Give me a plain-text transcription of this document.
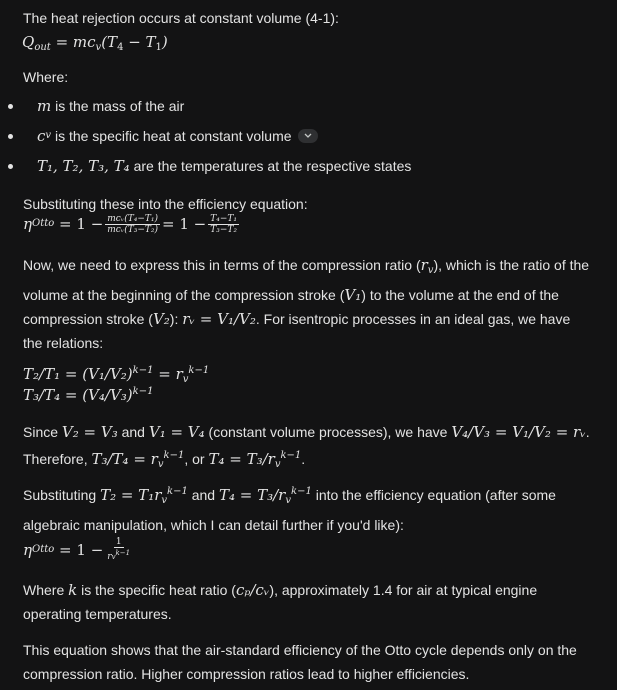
The heat rejection occurs at constant volume (4-1):

$Q_{out} = mc_v(T_4 - T_1)$

Where:

m
is the mass of the air
c v
is the specific heat at constant volume
T₁, T₂, T₃, T₄
are the temperatures at the respective states

Substituting these into the efficiency equation:

η Otto
= $1 - \frac{\text{mcᵥ(T₄−T₁)}}{\text{mcᵥ(T₃−T₂)}} = 1 - \frac{\text{T₄−T₁}}{\text{T₃−T₂}}$

Now, we need to express this in terms of the compression ratio $(r_v)$, which is the ratio of the volume at the beginning of the compression stroke (V₁) to the volume at the end of the compression stroke (V₂): rᵥ = V₁/V₂. For isentropic processes in an ideal gas, we have the relations:

$T_2/T_1 = (V_1/V_2)^{k-1} = r_v^{k-1}$
$T_3/T_4 = (V_4/V_3)^{k-1}$

Since V₂ = V₃ and V₁ = V₄ (constant volume processes), we have V₄/V₃ = V₁/V₂ = rᵥ.
Therefore, $T_3/T_4 = r_v^{k-1}$, or $T_4 = T_3/r_v^{k-1}$.

Substituting $T_2 = T_1r_v^{k-1}$ and $T_4 = T_3/r_v^{k-1}$ into the efficiency equation (after some algebraic manipulation, which I can detail further if you'd like):

η Otto
= $1 - \frac{1}{rv^{k-1}}$

Where k is the specific heat ratio (cₚ/cᵥ), approximately 1.4 for air at typical engine operating temperatures.

This equation shows that the air-standard efficiency of the Otto cycle depends only on the compression ratio. Higher compression ratios lead to higher efficiencies.
